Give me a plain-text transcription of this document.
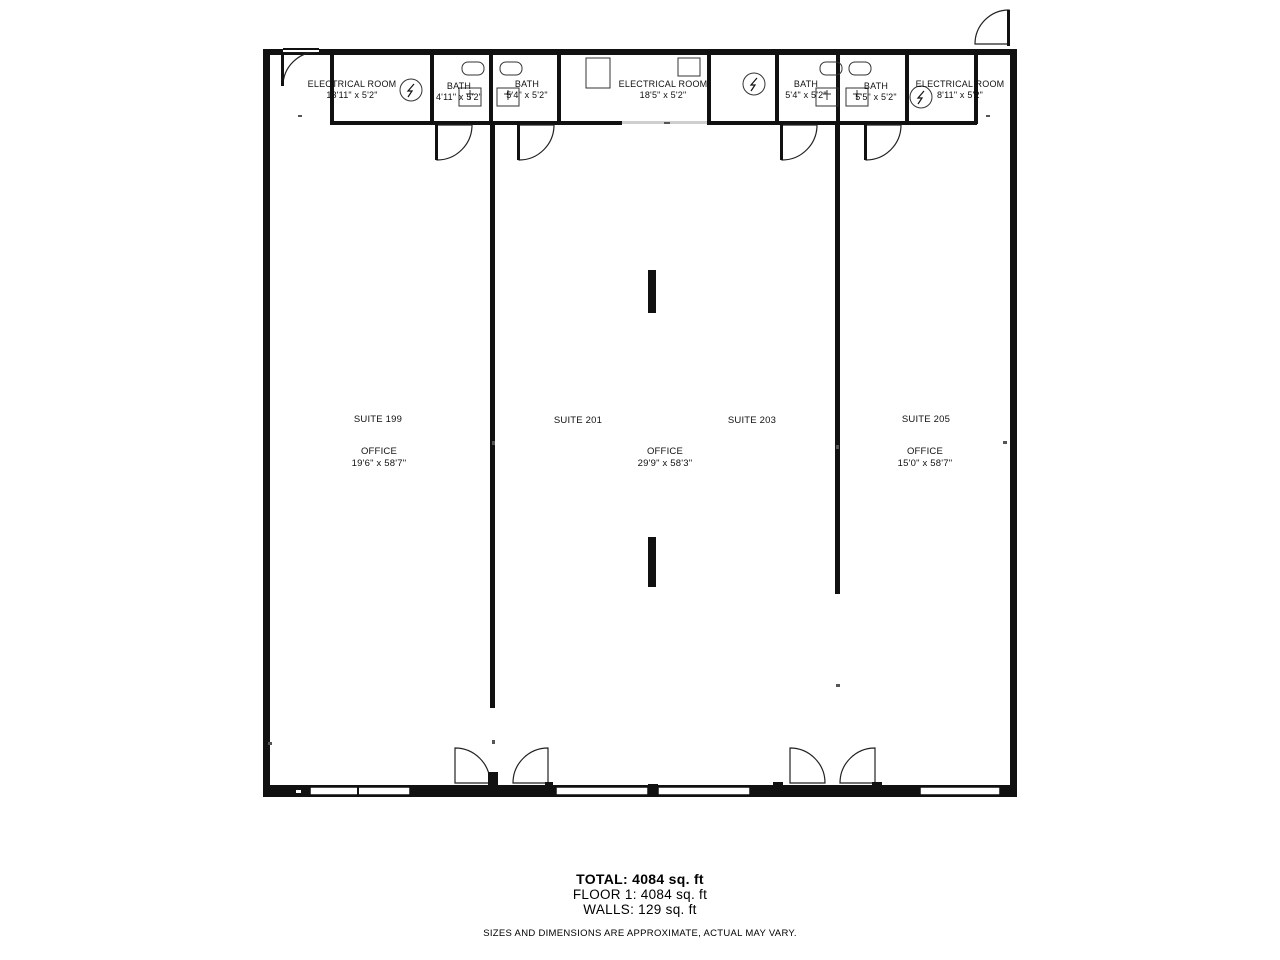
ELECTRICAL ROOM
13'11" x 5'2"
BATH
4'11" x 5'2"
BATH
5'4" x 5'2"
ELECTRICAL ROOM
18'5" x 5'2"
BATH
5'4" x 5'2"
BATH
5'5" x 5'2"
ELECTRICAL ROOM
8'11" x 5'2"
SUITE 199	SUITE 201	SUITE 203	SUITE 205
OFFICE
19'6" x 58'7"
OFFICE
29'9" x 58'3"
OFFICE
15'0" x 58'7"
TOTAL: 4084 sq. ft
FLOOR 1: 4084 sq. ft
WALLS: 129 sq. ft
SIZES AND DIMENSIONS ARE APPROXIMATE, ACTUAL MAY VARY.
